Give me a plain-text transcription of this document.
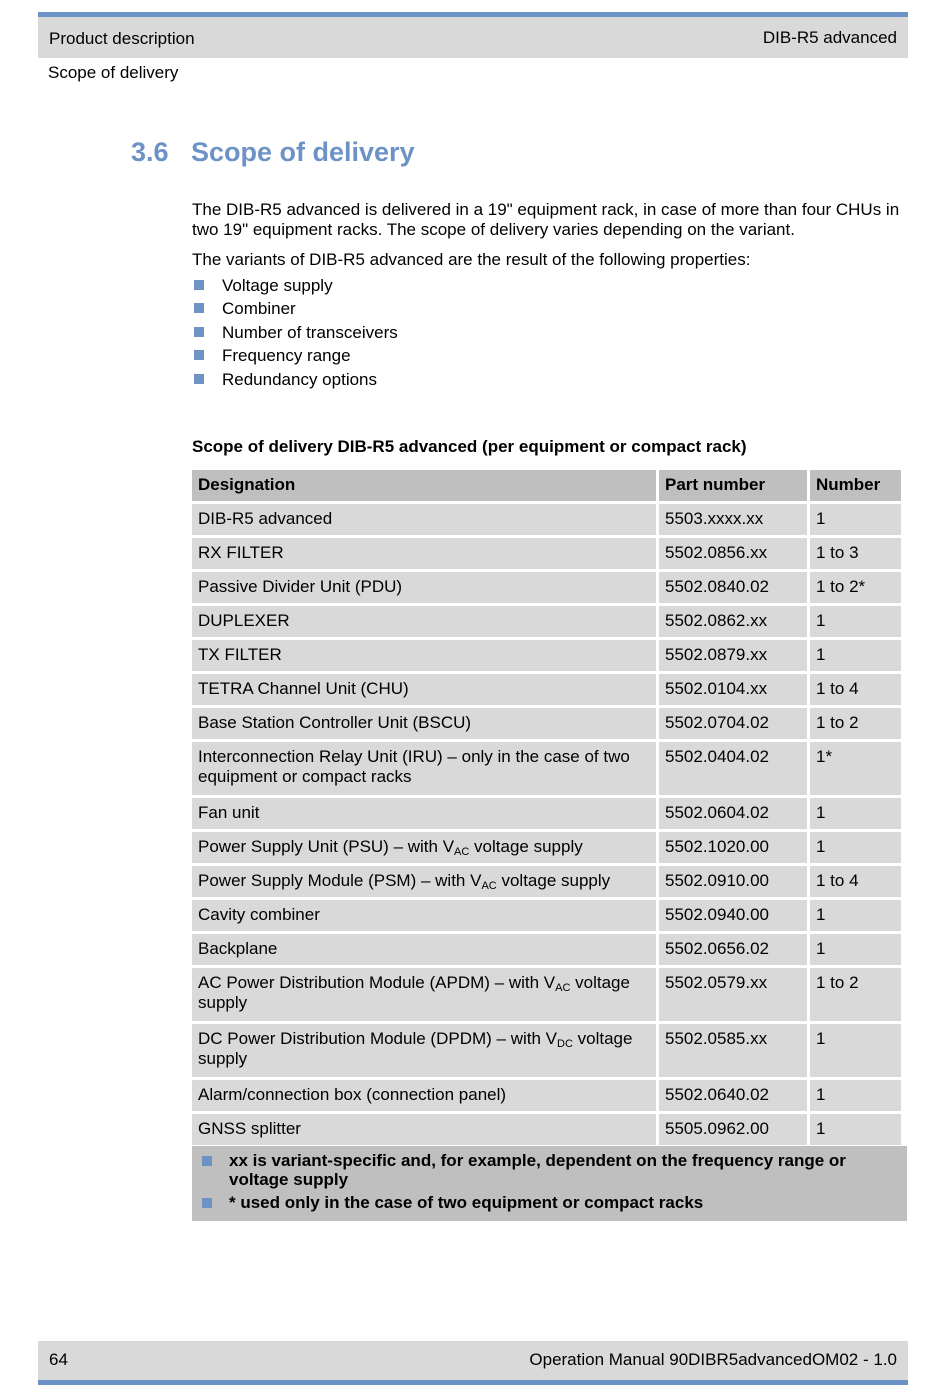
Product description	DIB-R5 advanced
Scope of delivery
3.6 Scope of delivery

The DIB-R5 advanced is delivered in a 19" equipment rack, in case of more than four CHUs in two 19" equipment racks. The scope of delivery varies depending on the variant.

The variants of DIB-R5 advanced are the result of the following properties:

Voltage supply
Combiner
Number of transceivers
Frequency range
Redundancy options
Scope of delivery DIB-R5 advanced (per equipment or compact rack)
Designation	Part number	Number
DIB-R5 advanced	5503.xxxx.xx	1
RX FILTER	5502.0856.xx	1 to 3
Passive Divider Unit (PDU)	5502.0840.02	1 to 2*
DUPLEXER	5502.0862.xx	1
TX FILTER	5502.0879.xx	1
TETRA Channel Unit (CHU)	5502.0104.xx	1 to 4
Base Station Controller Unit (BSCU)	5502.0704.02	1 to 2
Interconnection Relay Unit (IRU) – only in the case of two equipment or compact racks	5502.0404.02	1*
Fan unit	5502.0604.02	1
Power Supply Unit (PSU) – with $V_{AC}$ voltage supply	5502.1020.00	1
Power Supply Module (PSM) – with $V_{AC}$ voltage supply	5502.0910.00	1 to 4
Cavity combiner	5502.0940.00	1
Backplane	5502.0656.02	1
AC Power Distribution Module (APDM) – with $V_{AC}$ voltage supply	5502.0579.xx	1 to 2
DC Power Distribution Module (DPDM) – with $V_{DC}$ voltage supply	5502.0585.xx	1
Alarm/connection box (connection panel)	5502.0640.02	1
GNSS splitter	5505.0962.00	1
xx is variant-specific and, for example, dependent on the frequency range or voltage supply
* used only in the case of two equipment or compact racks
64	Operation Manual 90DIBR5advancedOM02 - 1.0
